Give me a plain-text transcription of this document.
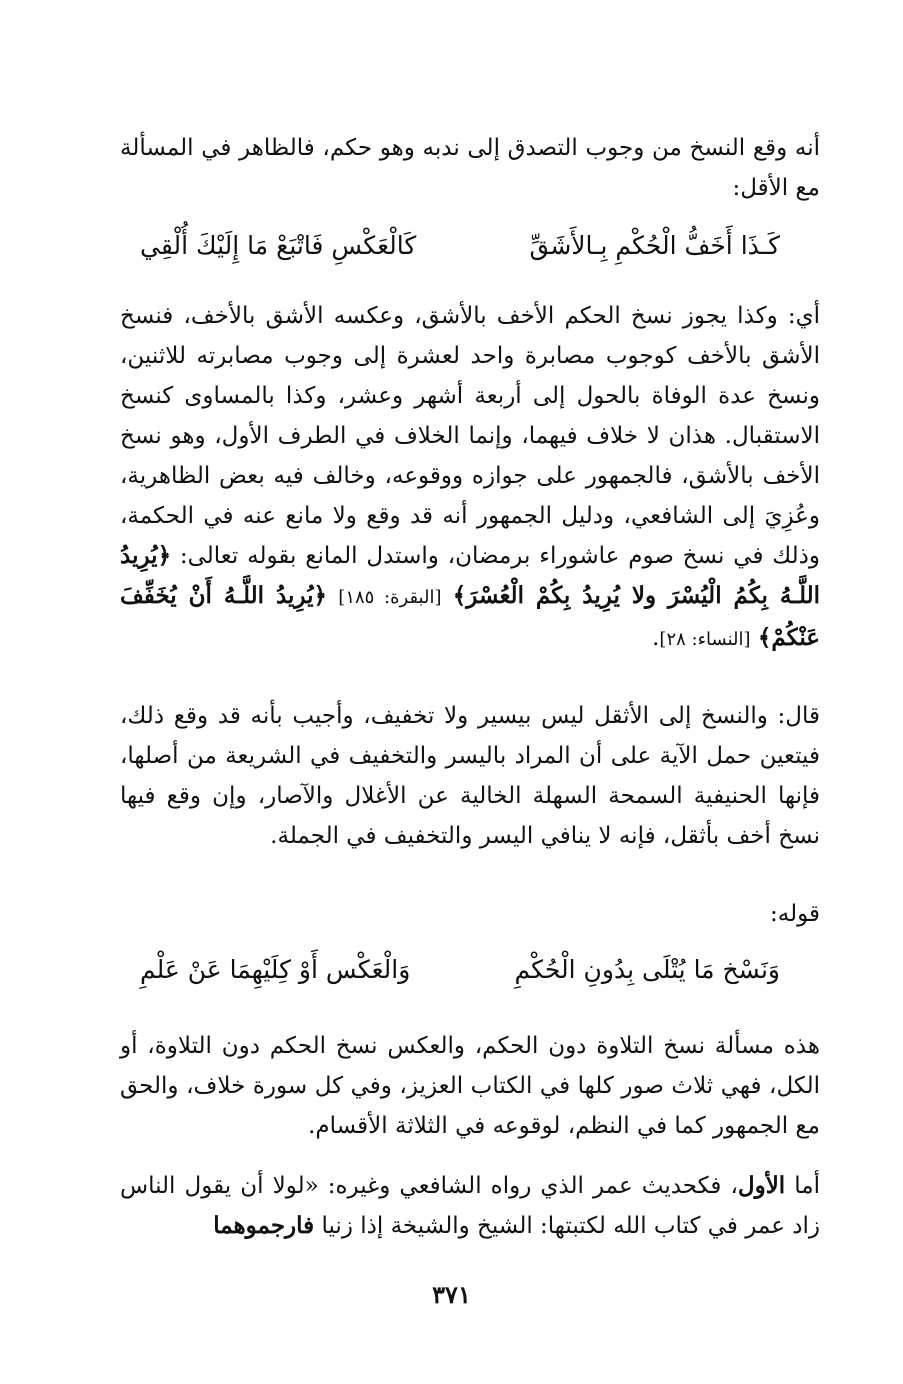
أنه وقع النسخ من وجوب التصدق إلى ندبه وهو حكم، فالظاهر في المسألة مع الأقل:
كَـذَا أَخَفُّ الْحُكْمِ بِـالأَشَقِّ
كَالْعَكْسِ فَاتْبَعْ مَا إِلَيْكَ أُلْقِي
أي: وكذا يجوز نسخ الحكم الأخف بالأشق، وعكسه الأشق بالأخف، فنسخ الأشق بالأخف كوجوب مصابرة واحد لعشرة إلى وجوب مصابرته للاثنين، ونسخ عدة الوفاة بالحول إلى أربعة أشهر وعشر، وكذا بالمساوى كنسخ الاستقبال. هذان لا خلاف فيهما، وإنما الخلاف في الطرف الأول، وهو نسخ الأخف بالأشق، فالجمهور على جوازه ووقوعه، وخالف فيه بعض الظاهرية، وعُزِيَ إلى الشافعي، ودليل الجمهور أنه قد وقع ولا مانع عنه في الحكمة، وذلك في نسخ صوم عاشوراء برمضان، واستدل المانع بقوله تعالى: ﴿يُرِيدُ اللَّـهُ بِكُمُ الْيُسْرَ ولا يُرِيدُ بِكُمْ الْعُسْرَ﴾ [البقرة: ١٨٥] ﴿يُرِيدُ اللَّـهُ أَنْ يُخَفِّفَ عَنْكُمْ﴾ [النساء: ٢٨].
قال: والنسخ إلى الأثقل ليس بيسير ولا تخفيف، وأجيب بأنه قد وقع ذلك، فيتعين حمل الآية على أن المراد باليسر والتخفيف في الشريعة من أصلها، فإنها الحنيفية السمحة السهلة الخالية عن الأغلال والآصار، وإن وقع فيها نسخ أخف بأثقل، فإنه لا ينافي اليسر والتخفيف في الجملة.
قوله:
وَنَسْخ مَا يُتْلَى بِدُونِ الْحُكْمِ
وَالْعَكْس أَوْ كِلَيْهِمَا عَنْ عَلْمِ
هذه مسألة نسخ التلاوة دون الحكم، والعكس نسخ الحكم دون التلاوة، أو الكل، فهي ثلاث صور كلها في الكتاب العزيز، وفي كل سورة خلاف، والحق مع الجمهور كما في النظم، لوقوعه في الثلاثة الأقسام.
أما الأول، فكحديث عمر الذي رواه الشافعي وغيره: «لولا أن يقول الناس زاد عمر في كتاب الله لكتبتها: الشيخ والشيخة إذا زنيا فارجموهما
٣٧١
